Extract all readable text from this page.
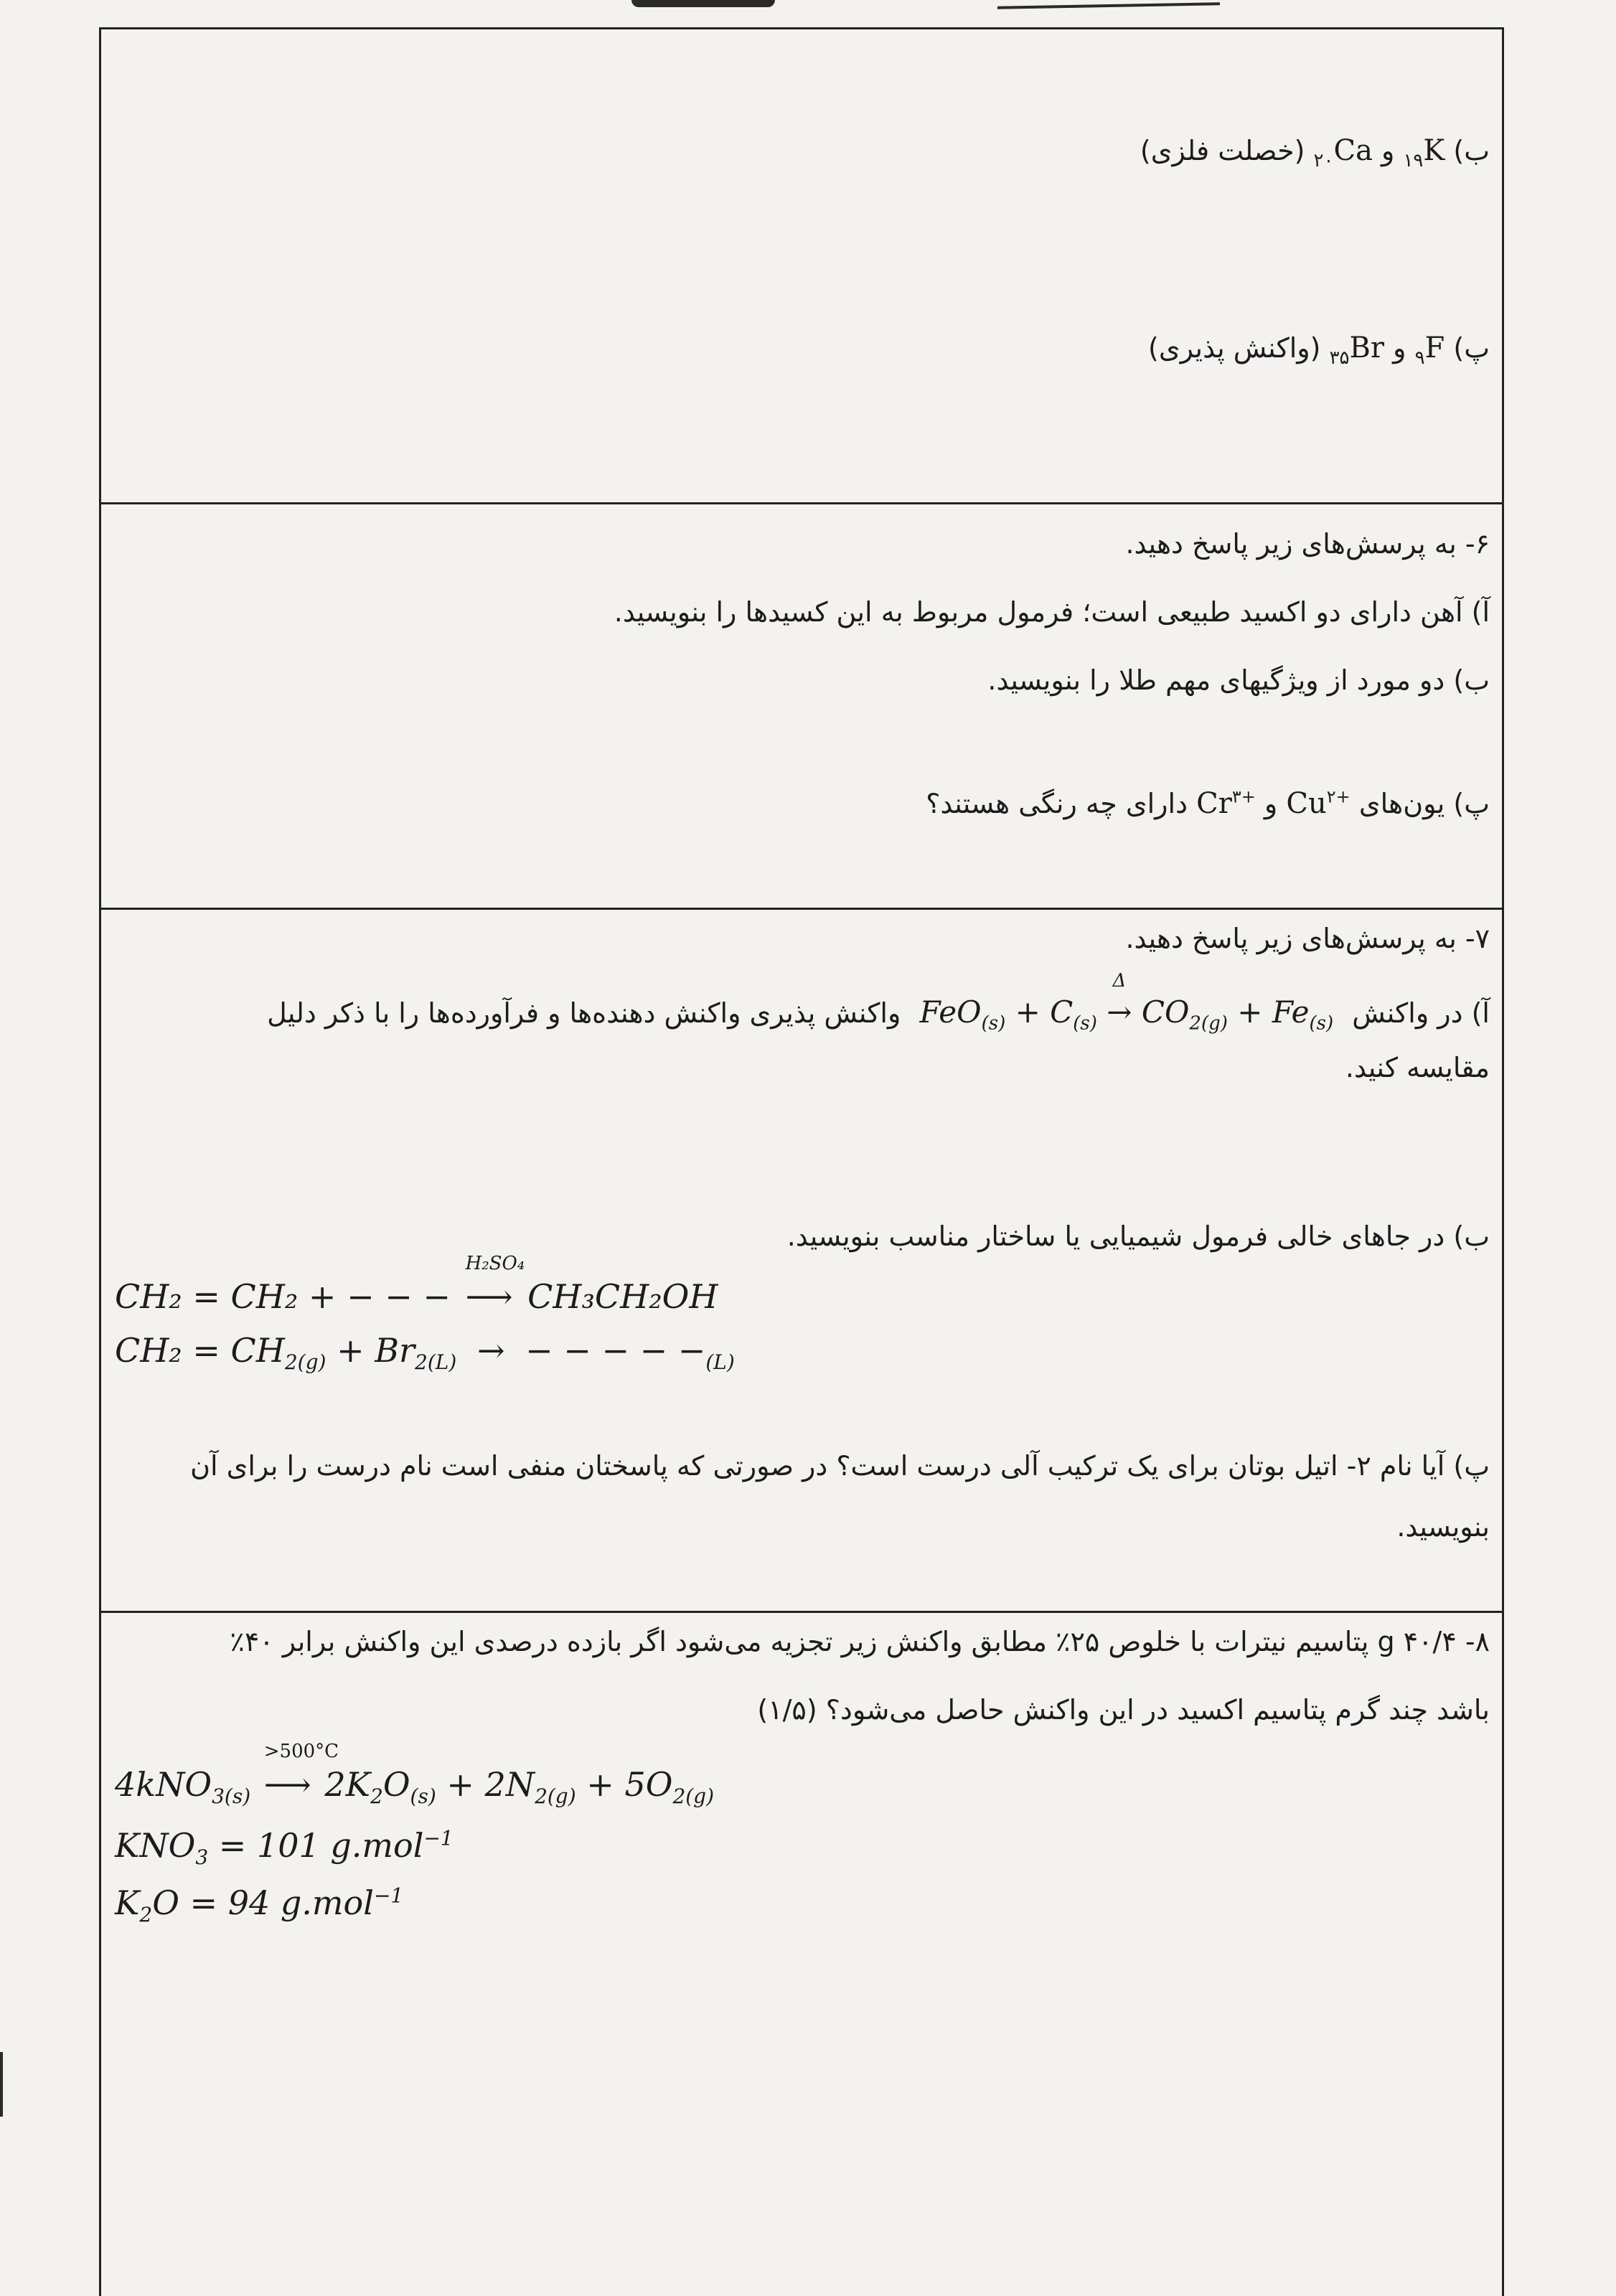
ب) $_{۱۹}$K و $_{۲۰}$Ca (خصلت فلزی)
پ) $_۹$F و $_{۳۵}$Br (واکنش پذیری)
۶- به پرسش‌های زیر پاسخ دهید.
آ) آهن دارای دو اکسید طبیعی است؛ فرمول مربوط به این کسیدها را بنویسید.
ب) دو مورد از ویژگیهای مهم طلا را بنویسید.
پ) یون‌های $Cu^{۲+}$ و $Cr^{۳+}$ دارای چه رنگی هستند؟
۷- به پرسش‌های زیر پاسخ دهید.
آ) در واکنش $FeO_{(s)} + C_{(s)}$
Δ
→ $CO_{2(g)} + Fe_{(s)}$ واکنش پذیری واکنش دهنده‌ها و فرآورده‌ها را با ذکر دلیل
مقایسه کنید.
ب) در جاهای خالی فرمول شیمیایی یا ساختار مناسب بنویسید.
CH₂ = CH₂ + − − −
H₂SO₄
⟶ CH₃CH₂OH
$CH_2 = CH_{2(g)} + Br_{2(L)}$ → − − − − $-_{(L)}$
پ) آیا نام ۲- اتیل بوتان برای یک ترکیب آلی درست است؟ در صورتی که پاسختان منفی است نام درست را برای آن
بنویسید.
۸- ۴۰/۴ g پتاسیم نیترات با خلوص ۲۵٪ مطابق واکنش زیر تجزیه می‌شود اگر بازده درصدی این واکنش برابر ۴۰٪
باشد چند گرم پتاسیم اکسید در این واکنش حاصل می‌شود؟ (۱/۵)
4kNO$_{3(s)}$
>500°C
⟶ $2K_2O_{(s)} + 2N_{2(g)} + 5O_{2(g)}$
$KNO_3 = 101$ g.mol$^{-1}$
$K_2O = 94$ g.mol$^{-1}$
